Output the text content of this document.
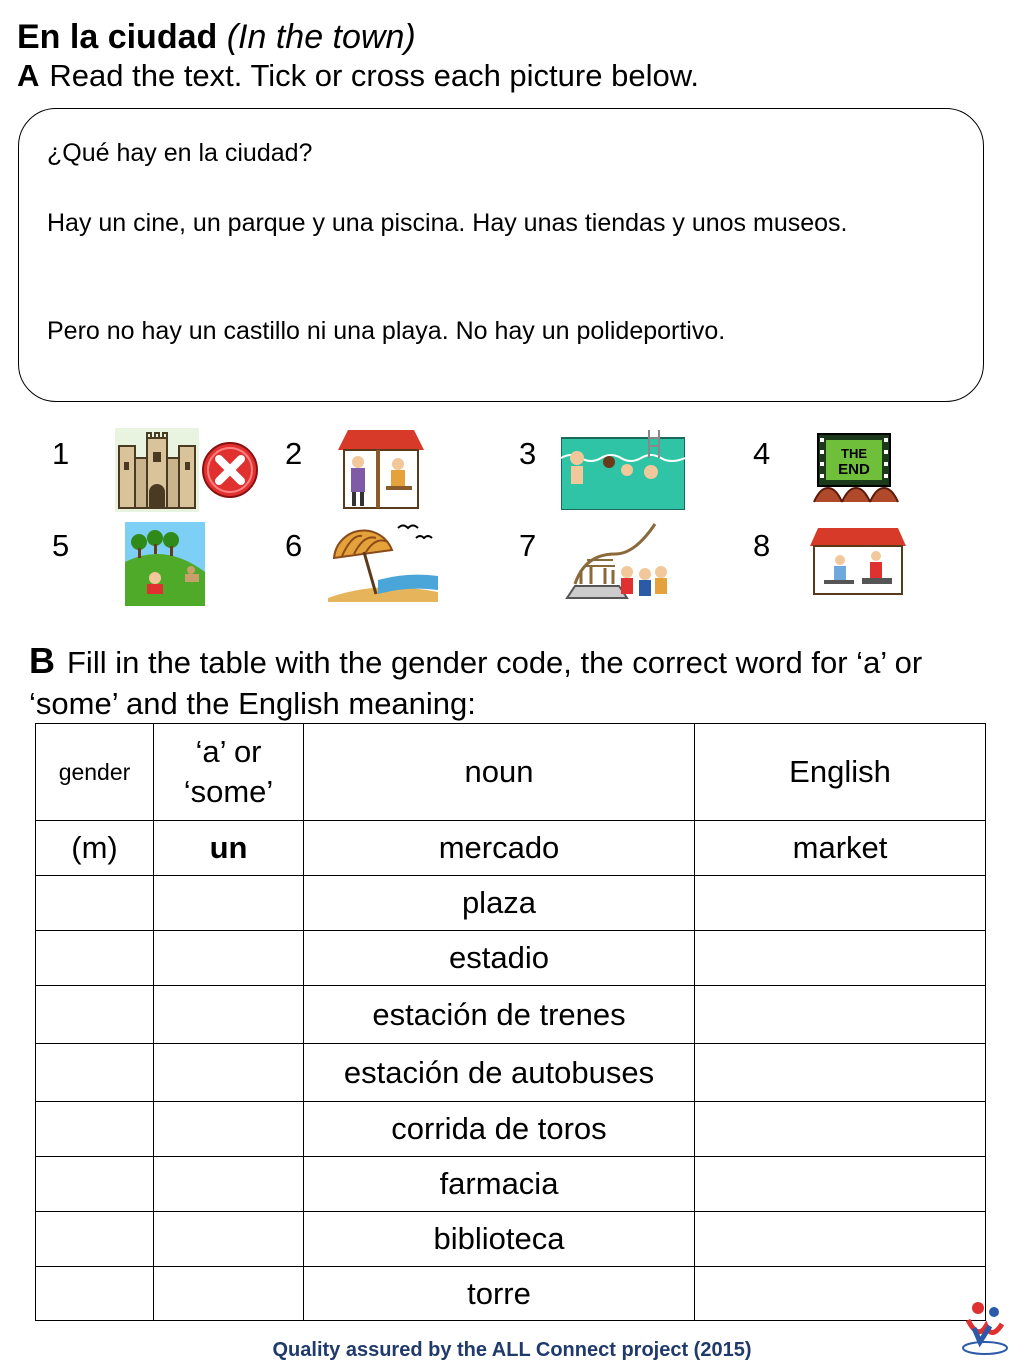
En la ciudad (In the town)
A Read the text. Tick or cross each picture below.
¿Qué hay en la ciudad?
Hay un cine, un parque y una piscina. Hay unas tiendas y unos museos.
Pero no hay un castillo ni una playa. No hay un polideportivo.
1	2	3	4
5	6	7	8
THE
END
B Fill in the table with the gender code, the correct word for ‘a’ or ‘some’ and the English meaning:
gender	‘a’ or ‘some’	noun	English
(m)	un	mercado	market
		plaza	
		estadio	
		estación de trenes	
		estación de autobuses	
		corrida de toros	
		farmacia	
		biblioteca	
		torre	
Quality assured by the ALL Connect project (2015)
